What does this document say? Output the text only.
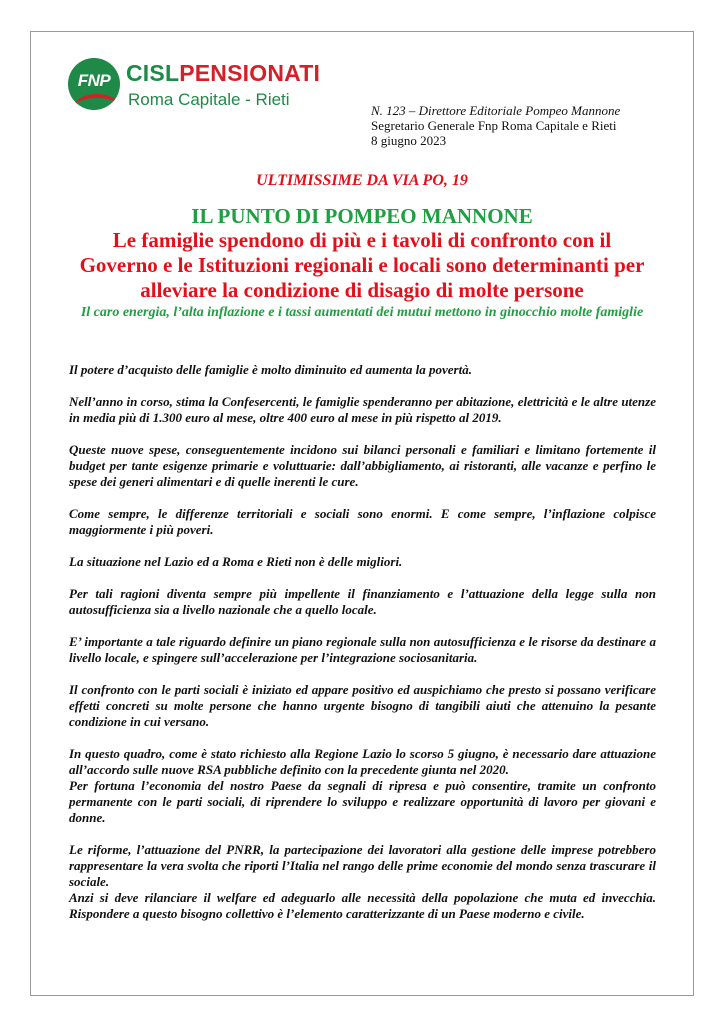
FNP CISLPENSIONATI
Roma Capitale - Rieti
N. 123 – Direttore Editoriale Pompeo Mannone
Segretario Generale Fnp Roma Capitale e Rieti
8 giugno 2023
ULTIMISSIME DA VIA PO, 19
IL PUNTO DI POMPEO MANNONE
Le famiglie spendono di più e i tavoli di confronto con il Governo e le Istituzioni regionali e locali sono determinanti per alleviare la condizione di disagio di molte persone
Il caro energia, l’alta inflazione e i tassi aumentati dei mutui mettono in ginocchio molte famiglie

Il potere d’acquisto delle famiglie è molto diminuito ed aumenta la povertà.

Nell’anno in corso, stima la Confesercenti, le famiglie spenderanno per abitazione, elettricità e le altre utenze in media più di 1.300 euro al mese, oltre 400 euro al mese in più rispetto al 2019.

Queste nuove spese, conseguentemente incidono sui bilanci personali e familiari e limitano fortemente il budget per tante esigenze primarie e voluttuarie: dall’abbigliamento, ai ristoranti, alle vacanze e perfino le spese dei generi alimentari e di quelle inerenti le cure.

Come sempre, le differenze territoriali e sociali sono enormi. E come sempre, l’inflazione colpisce maggiormente i più poveri.

La situazione nel Lazio ed a Roma e Rieti non è delle migliori.

Per tali ragioni diventa sempre più impellente il finanziamento e l’attuazione della legge sulla non autosufficienza sia a livello nazionale che a quello locale.

E’ importante a tale riguardo definire un piano regionale sulla non autosufficienza e le risorse da destinare a livello locale, e spingere sull’accelerazione per l’integrazione sociosanitaria.

Il confronto con le parti sociali è iniziato ed appare positivo ed auspichiamo che presto si possano verificare effetti concreti su molte persone che hanno urgente bisogno di tangibili aiuti che attenuino la pesante condizione in cui versano.

In questo quadro, come è stato richiesto alla Regione Lazio lo scorso 5 giugno, è necessario dare attuazione all’accordo sulle nuove RSA pubbliche definito con la precedente giunta nel 2020.

Per fortuna l’economia del nostro Paese da segnali di ripresa e può consentire, tramite un confronto permanente con le parti sociali, di riprendere lo sviluppo e realizzare opportunità di lavoro per giovani e donne.

Le riforme, l’attuazione del PNRR, la partecipazione dei lavoratori alla gestione delle imprese potrebbero rappresentare la vera svolta che riporti l’Italia nel rango delle prime economie del mondo senza trascurare il sociale.

Anzi si deve rilanciare il welfare ed adeguarlo alle necessità della popolazione che muta ed invecchia. Rispondere a questo bisogno collettivo è l’elemento caratterizzante di un Paese moderno e civile.
